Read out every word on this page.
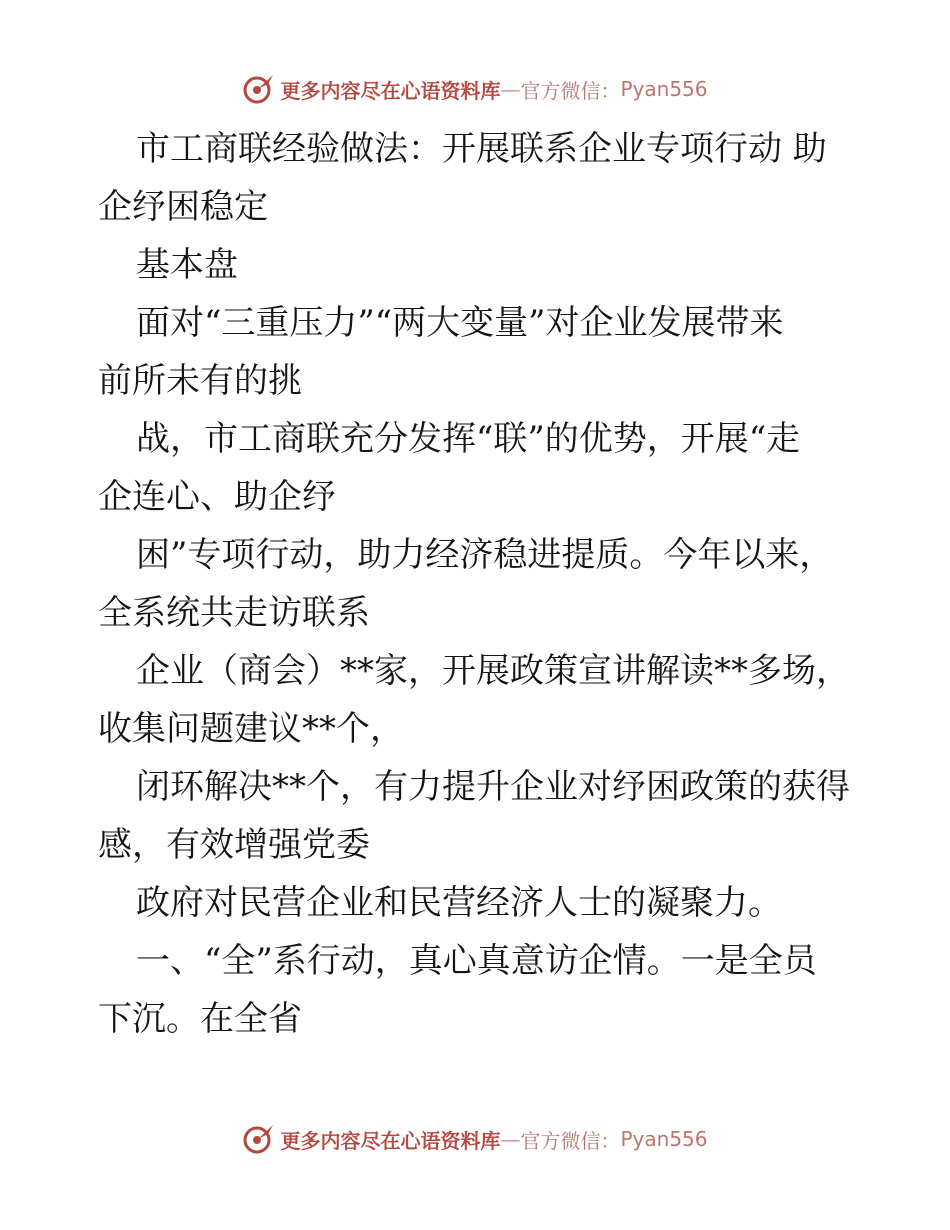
更多内容尽在心语资料库 — 官方微信： Pyan556
市工商联经验做法：开展联系企业专项行动 助
企纾困稳定
基本盘
面对“三重压力”“两大变量”对企业发展带来
前所未有的挑
战，市工商联充分发挥“联”的优势，开展“走
企连心、助企纾
困”专项行动，助力经济稳进提质。今年以来，
全系统共走访联系
企业（商会）**家，开展政策宣讲解读**多场，
收集问题建议**个，
闭环解决**个，有力提升企业对纾困政策的获得
感，有效增强党委
政府对民营企业和民营经济人士的凝聚力。
一、“全”系行动，真心真意访企情。一是全员
下沉。在全省
更多内容尽在心语资料库 — 官方微信： Pyan556
